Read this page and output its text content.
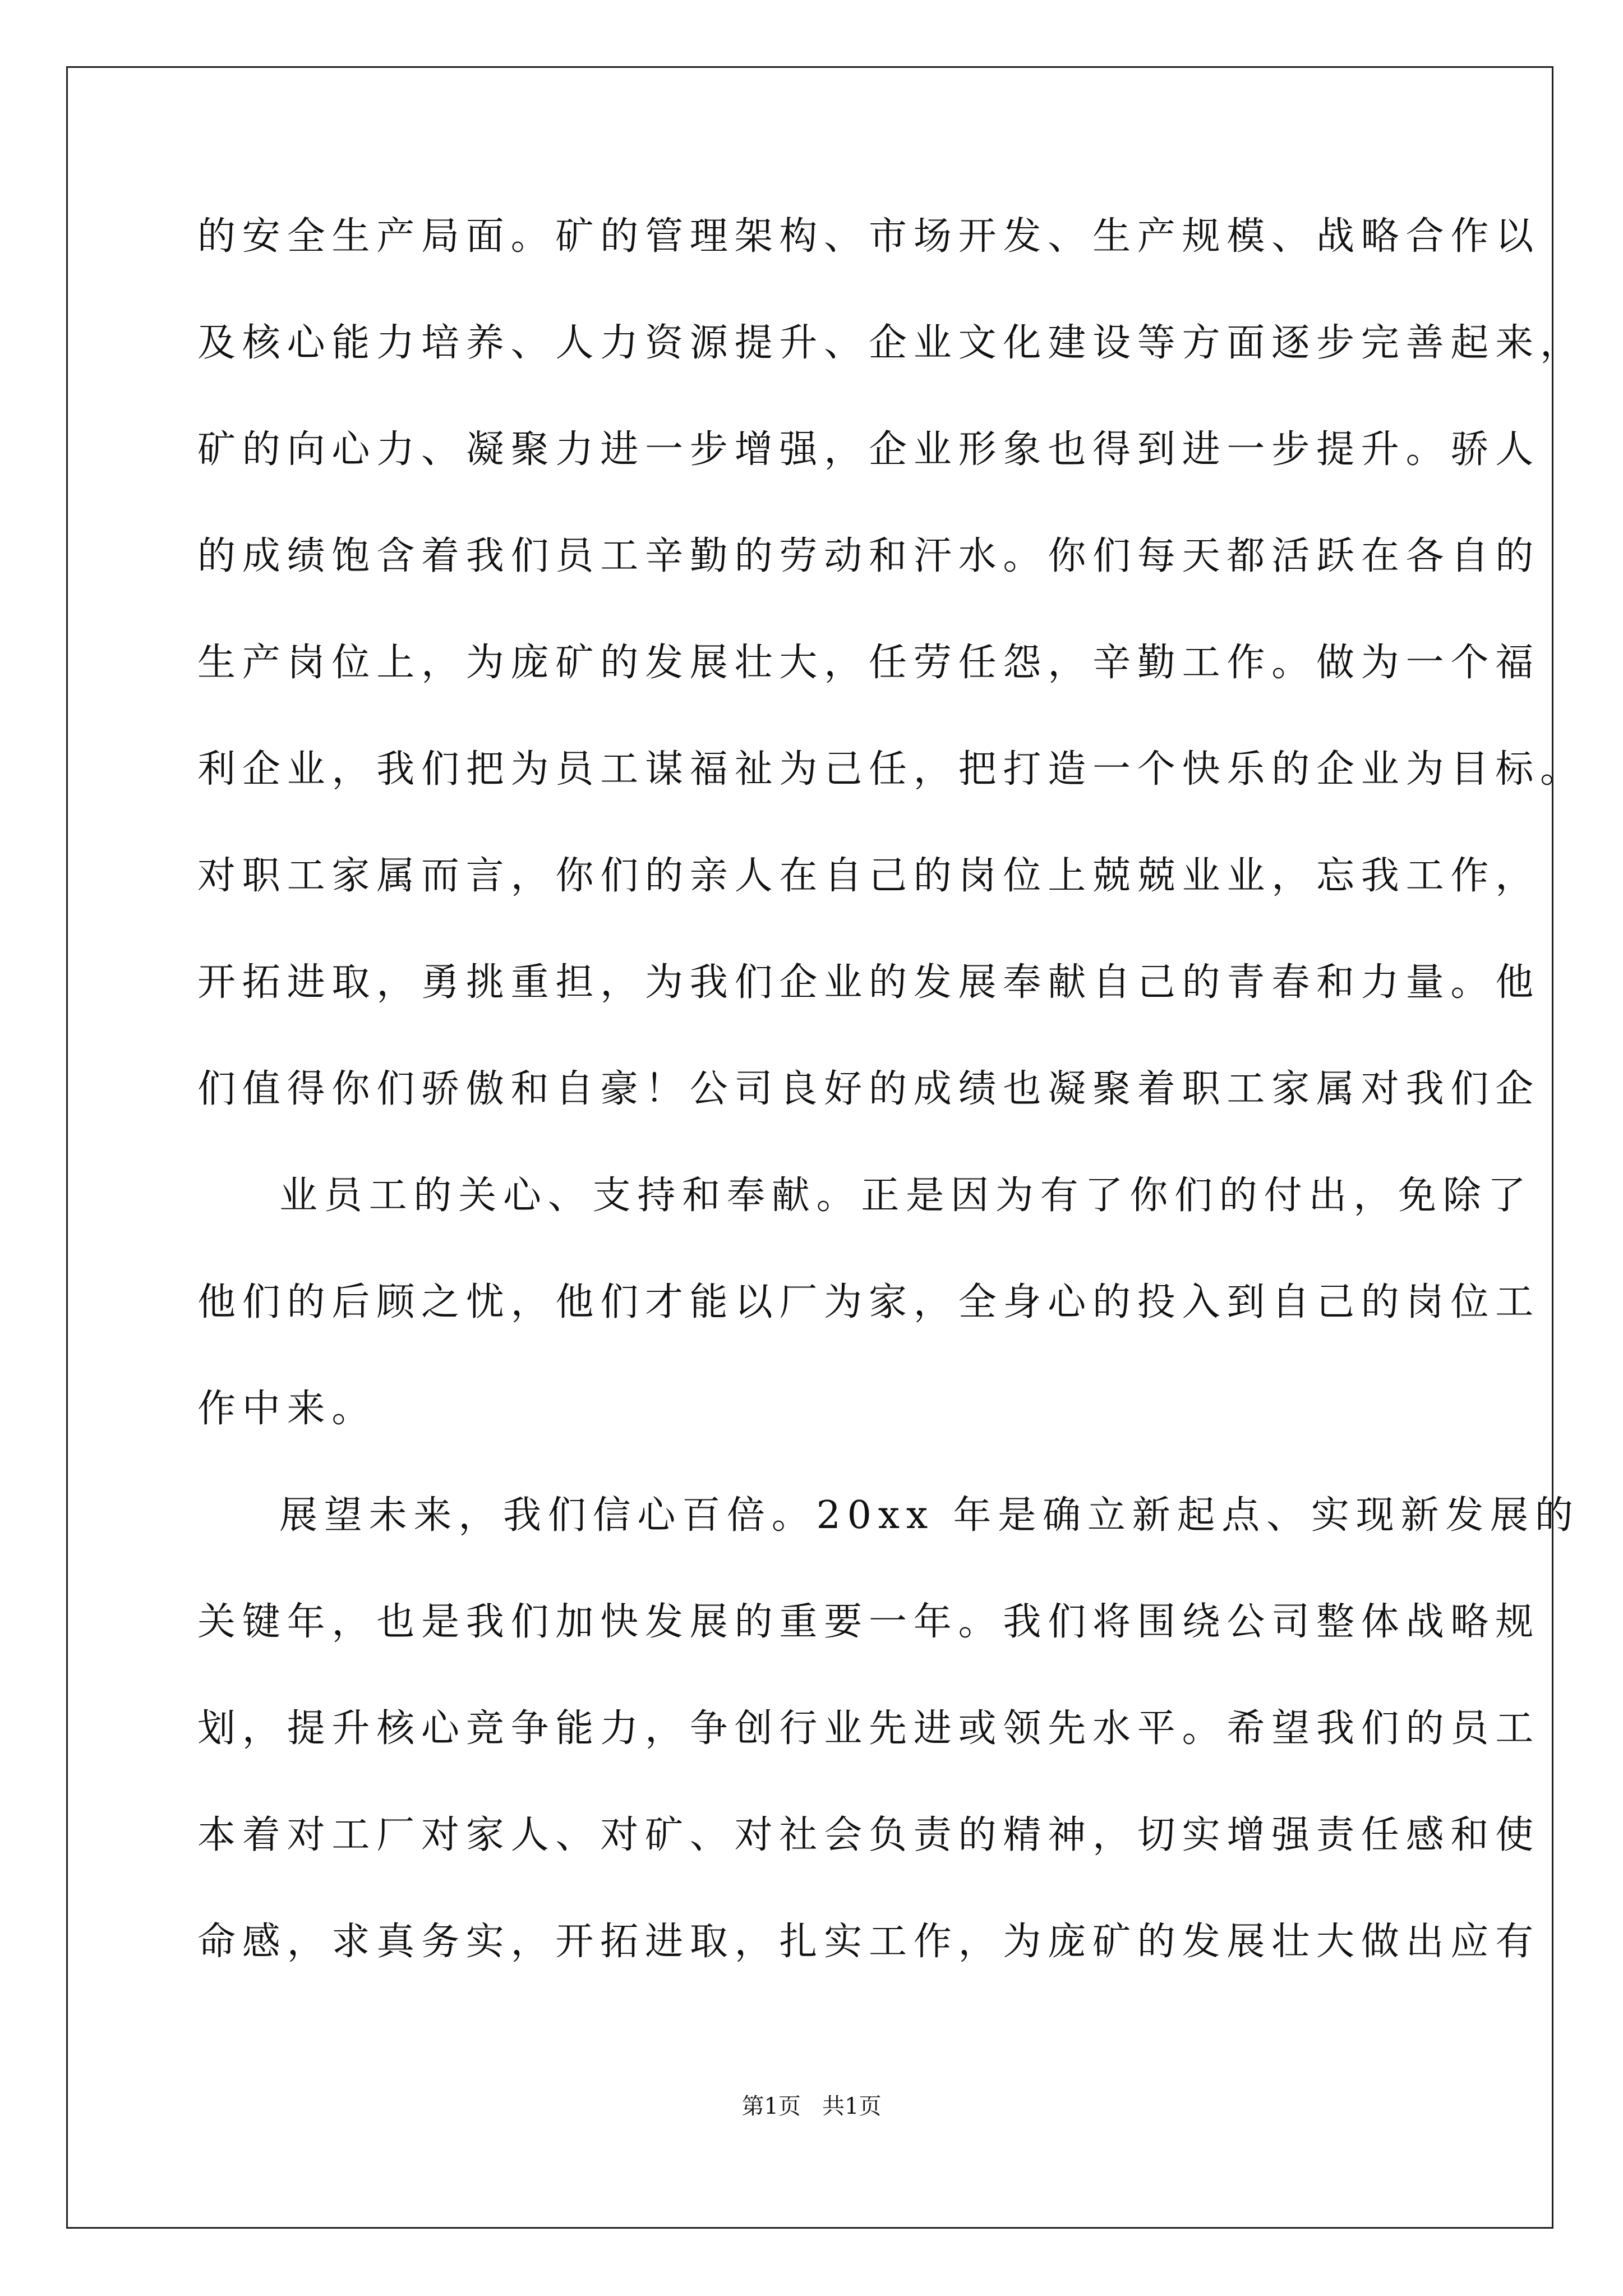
的安全生产局面。矿的管理架构、市场开发、生产规模、战略合作以
及核心能力培养、人力资源提升、企业文化建设等方面逐步完善起来，
矿的向心力、凝聚力进一步增强，企业形象也得到进一步提升。骄人
的成绩饱含着我们员工辛勤的劳动和汗水。你们每天都活跃在各自的
生产岗位上，为庞矿的发展壮大，任劳任怨，辛勤工作。做为一个福
利企业，我们把为员工谋福祉为己任，把打造一个快乐的企业为目标。
对职工家属而言，你们的亲人在自己的岗位上兢兢业业，忘我工作，
开拓进取，勇挑重担，为我们企业的发展奉献自己的青春和力量。他
们值得你们骄傲和自豪！公司良好的成绩也凝聚着职工家属对我们企
业员工的关心、支持和奉献。正是因为有了你们的付出，免除了
他们的后顾之忧，他们才能以厂为家，全身心的投入到自己的岗位工
作中来。
展望未来，我们信心百倍。20xx 年是确立新起点、实现新发展的
关键年，也是我们加快发展的重要一年。我们将围绕公司整体战略规
划，提升核心竞争能力，争创行业先进或领先水平。希望我们的员工
本着对工厂对家人、对矿、对社会负责的精神，切实增强责任感和使
命感，求真务实，开拓进取，扎实工作，为庞矿的发展壮大做出应有
第1页   共1页
